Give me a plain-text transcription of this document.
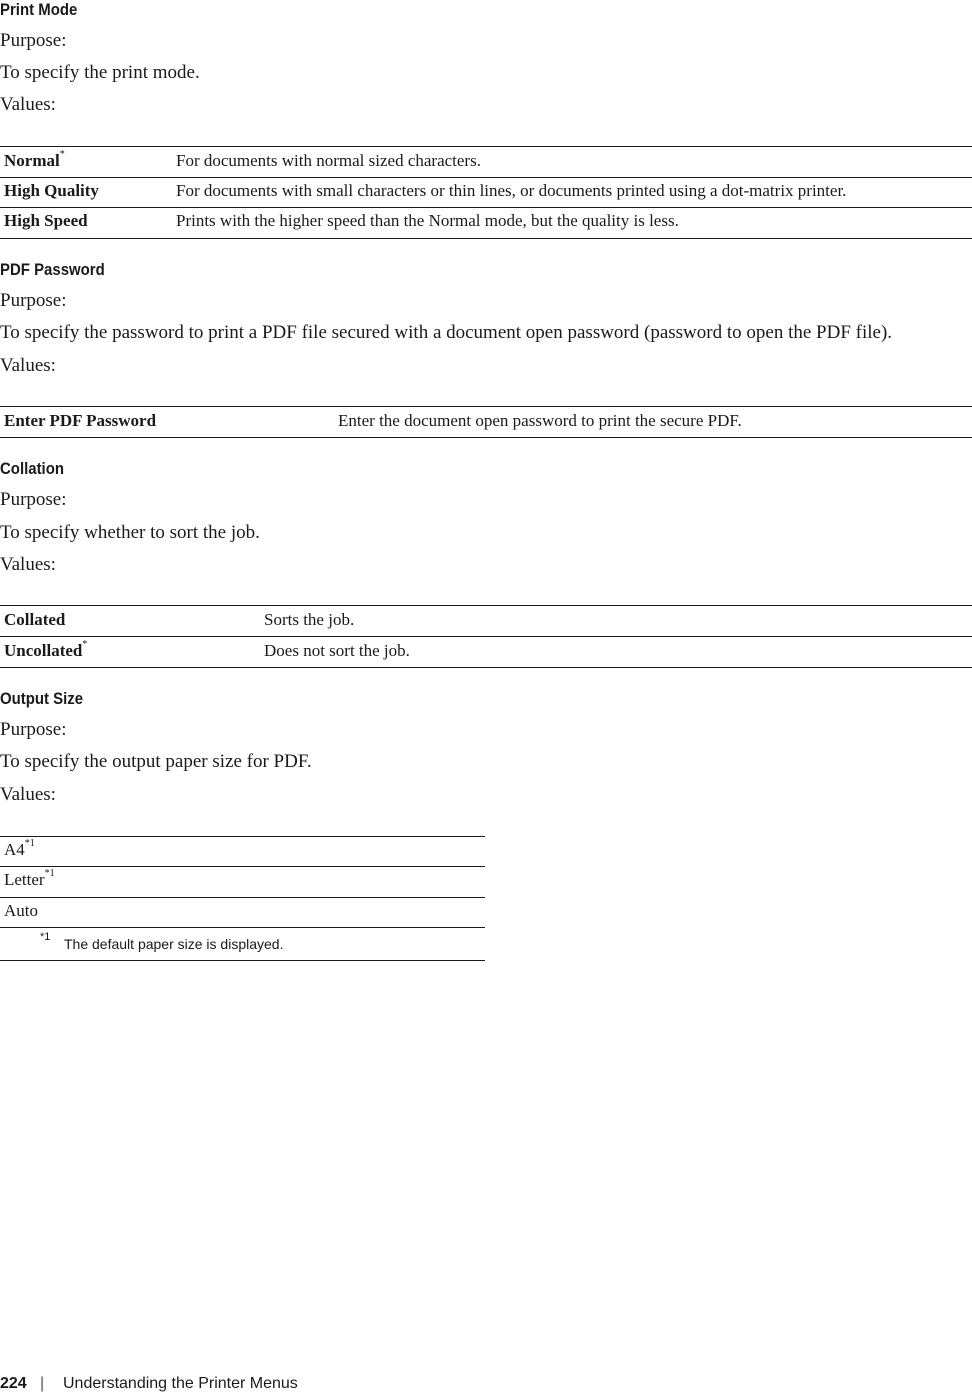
Print Mode
Purpose:
To specify the print mode.
Values:
Normal*	For documents with normal sized characters.
High Quality	For documents with small characters or thin lines, or documents printed using a dot-matrix printer.
High Speed	Prints with the higher speed than the Normal mode, but the quality is less.
PDF Password
Purpose:
To specify the password to print a PDF file secured with a document open password (password to open the PDF file).
Values:
Enter PDF Password	Enter the document open password to print the secure PDF.
Collation
Purpose:
To specify whether to sort the job.
Values:
Collated	Sorts the job.
Uncollated*	Does not sort the job.
Output Size
Purpose:
To specify the output paper size for PDF.
Values:
A4$^{*1}$
Letter$^{*1}$
Auto
*1 The default paper size is displayed.
224 | Understanding the Printer Menus
